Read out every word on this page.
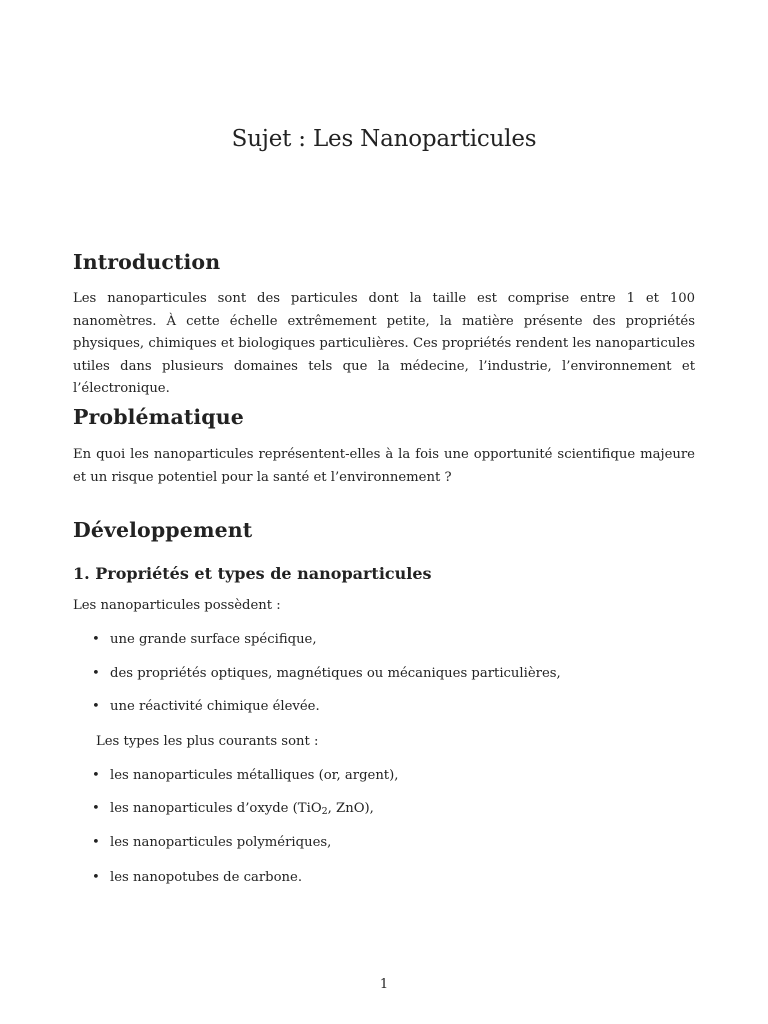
Sujet : Les Nanoparticules
Introduction

Les nanoparticules sont des particules dont la taille est comprise entre 1 et 100 nanomètres. À cette échelle extrêmement petite, la matière présente des propriétés physiques, chimiques et biologiques particulières. Ces propriétés rendent les nanoparticules utiles dans plusieurs domaines tels que la médecine, l’industrie, l’environnement et l’électronique.

Problématique

En quoi les nanoparticules représentent-elles à la fois une opportunité scientifique majeure et un risque potentiel pour la santé et l’environnement ?

Développement
1. Propriétés et types de nanoparticules

Les nanoparticules possèdent :

• une grande surface spécifique,
• des propriétés optiques, magnétiques ou mécaniques particulières,
• une réactivité chimique élevée.

Les types les plus courants sont :

• les nanoparticules métalliques (or, argent),
• les nanoparticules d’oxyde (TiO$_2$, ZnO),
• les nanoparticules polymériques,
• les nanopotubes de carbone.
1
